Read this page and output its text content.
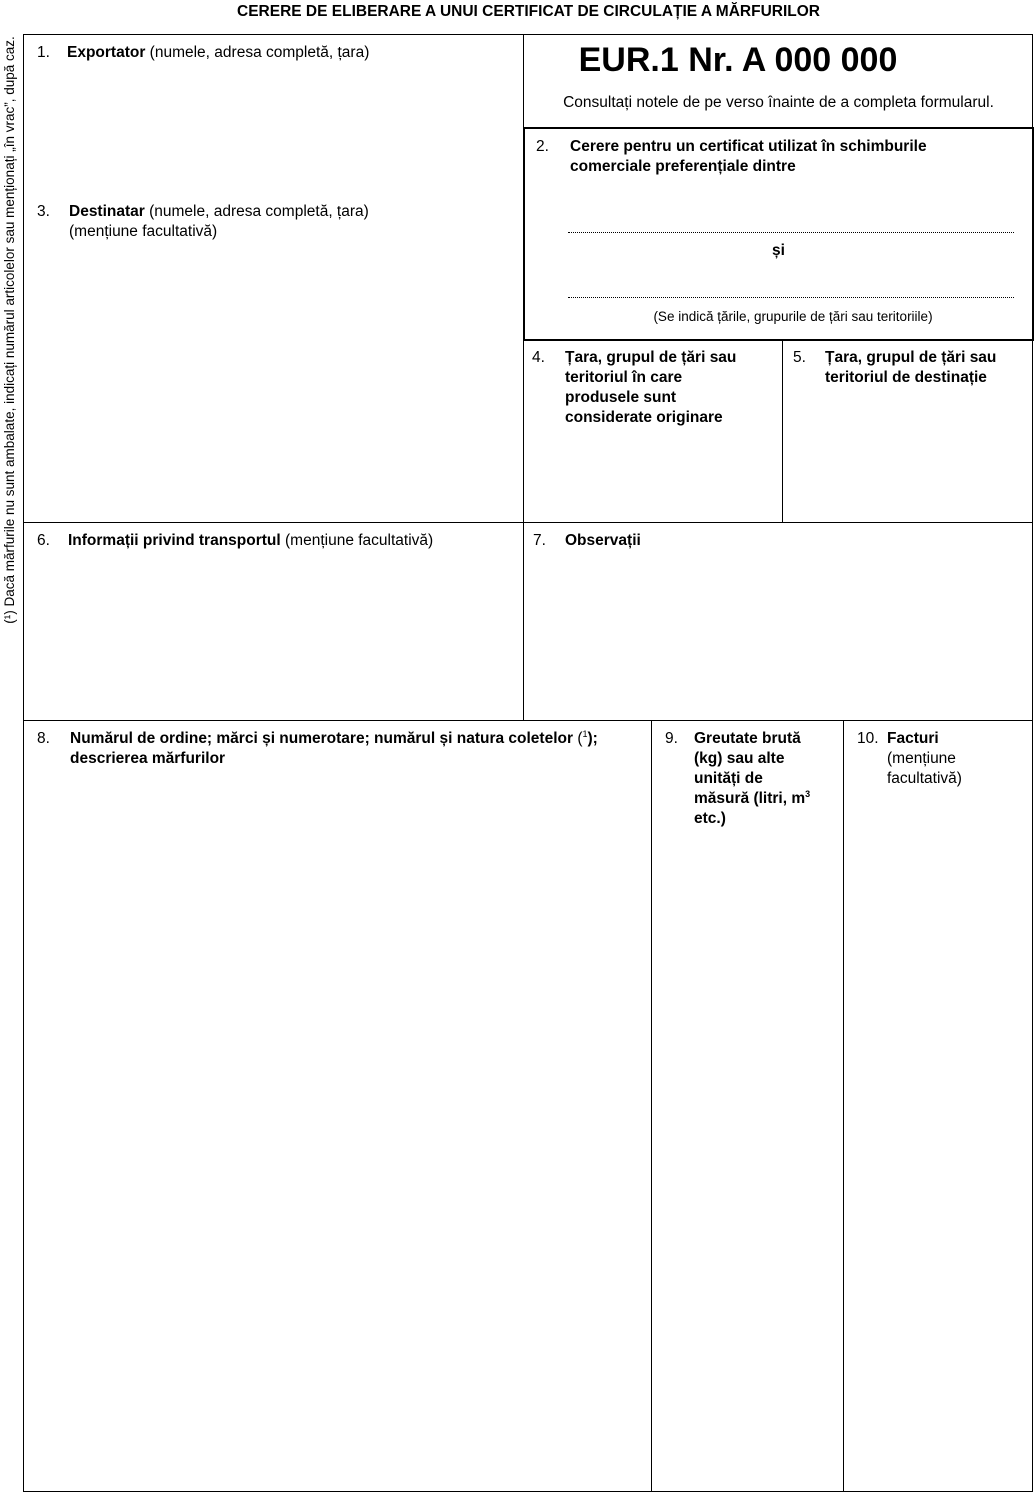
CERERE DE ELIBERARE A UNUI CERTIFICAT DE CIRCULAȚIE A MĂRFURILOR
(¹) Dacă mărfurile nu sunt ambalate, indicați numărul articolelor sau menționați „în vrac”, după caz. 1. Exportator (numele, adresa completă, țara)	EUR.1 Nr. A 000 000
Consultați notele de pe verso înainte de a completa formularul.
2. Cerere pentru un certificat utilizat în schimburile
comerciale preferențiale dintre
și
(Se indică țările, grupurile de țări sau teritoriile)
3. Destinatar (numele, adresa completă, țara)
(mențiune facultativă)
4. Țara, grupul de țări sau
teritoriul în care
produsele sunt
considerate originare
5. Țara, grupul de țări sau
teritoriul de destinație
6. Informații privind transportul (mențiune facultativă)	7. Observații
8. Numărul de ordine; mărci și numerotare; numărul și natura coletelor ($^1$);
descrierea mărfurilor
9. Greutate brută
(kg) sau alte
unități de
măsură (litri, $m^3$
etc.)
10. Facturi
(mențiune
facultativă)
